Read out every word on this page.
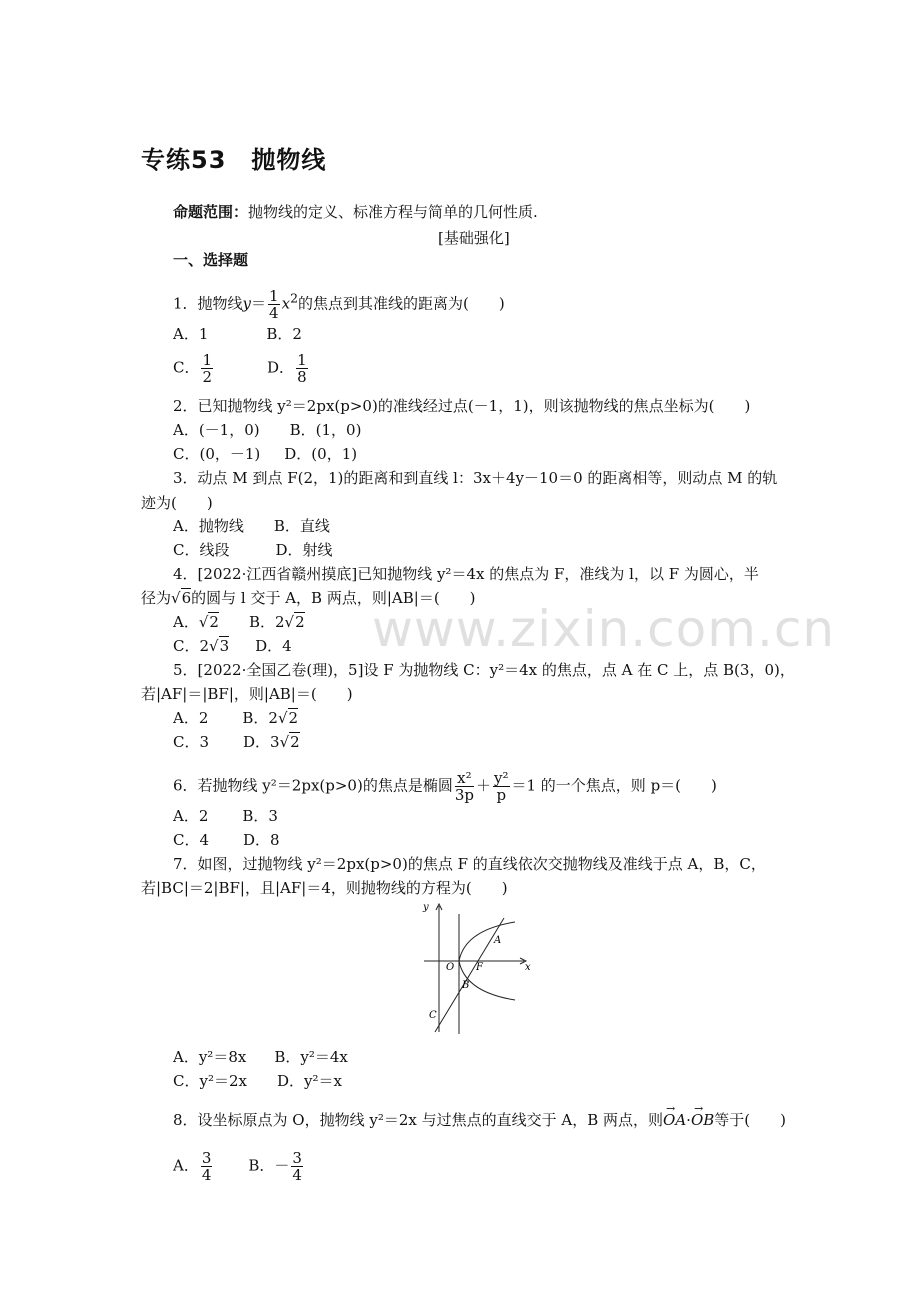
www.zixin.com.cn
专练53　抛物线
命题范围：抛物线的定义、标准方程与简单的几何性质.
[基础强化]
一、选择题
1．抛物线$y= \frac{1}{4} x^2$的焦点到其准线的距离为(　　)
A．1	B．2
C． $\frac{1}{2}$	D． $\frac{1}{8}$
2．已知抛物线 y²＝2px(p>0)的准线经过点(－1，1)，则该抛物线的焦点坐标为(　　)
A．(－1，0) B．(1，0)
C．(0，－1) D．(0，1)
3．动点 M 到点 F(2，1)的距离和到直线 l：3x＋4y－10＝0 的距离相等，则动点 M 的轨
迹为(　　)
A．抛物线 B．直线
C．线段	D．射线
4．[2022·江西省赣州摸底]已知抛物线 y²＝4x 的焦点为 F，准线为 l，以 F 为圆心，半
径为√6的圆与 l 交于 A，B 两点，则|AB|＝(　　)
A．√2 B．2√2
C．2√3 D．4
5．[2022·全国乙卷(理)，5]设 F 为抛物线 C：y²＝4x 的焦点，点 A 在 C 上，点 B(3，0)，
若|AF|＝|BF|，则|AB|＝(　　)
A．2 B．2√2
C．3 D．3√2
6．若抛物线 y²＝2px(p>0)的焦点是椭圆 $\frac{\text{x²}}{3p} + \frac{\text{y²}}{p} =1$ 的一个焦点，则 p＝(　　)
A．2 B．3
C．4 D．8
7．如图，过抛物线 y²＝2px(p>0)的焦点 F 的直线依次交抛物线及准线于点 A，B，C，
若|BC|＝2|BF|，且|AF|＝4，则抛物线的方程为(　　)
y
x
O F
A
B
C
A．y²＝8x B．y²＝4x
C．y²＝2x D．y²＝x
8．设坐标原点为 O，抛物线 y²＝2x 与过焦点的直线交于 A，B 两点，则→ OA·→ OB等于(　　)
A． $\frac{3}{4}$ B．－ $\frac{3}{4}$
